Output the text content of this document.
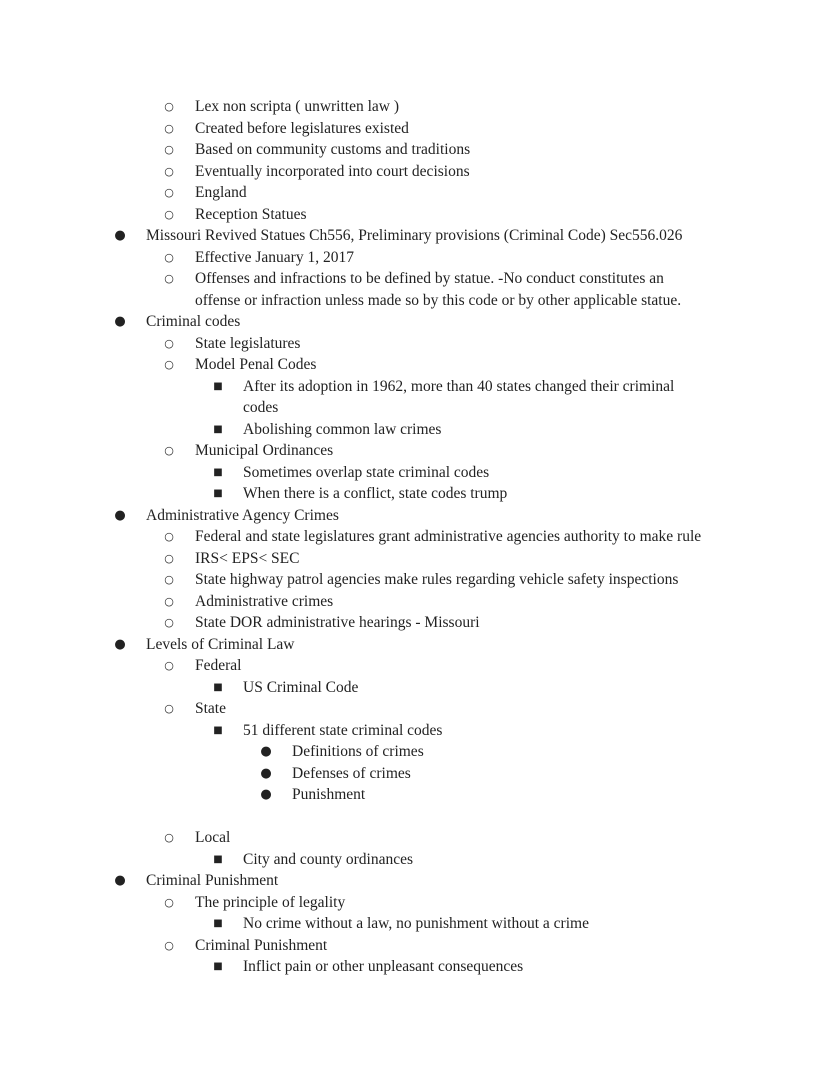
○ Lex non scripta ( unwritten law )
○ Created before legislatures existed
○ Based on community customs and traditions
○ Eventually incorporated into court decisions
○ England
○ Reception Statues
● Missouri Revived Statues Ch556, Preliminary provisions (Criminal Code) Sec556.026
○ Effective January 1, 2017
○ Offenses and infractions to be defined by statue. -No conduct constitutes an
offense or infraction unless made so by this code or by other applicable statue.
● Criminal codes
○ State legislatures
○ Model Penal Codes
■ After its adoption in 1962, more than 40 states changed their criminal
codes
■ Abolishing common law crimes
○ Municipal Ordinances
■ Sometimes overlap state criminal codes
■ When there is a conflict, state codes trump
● Administrative Agency Crimes
○ Federal and state legislatures grant administrative agencies authority to make rule
○ IRS< EPS< SEC
○ State highway patrol agencies make rules regarding vehicle safety inspections
○ Administrative crimes
○ State DOR administrative hearings - Missouri
● Levels of Criminal Law
○ Federal
■ US Criminal Code
○ State
■ 51 different state criminal codes
● Definitions of crimes
● Defenses of crimes
● Punishment
○ Local
■ City and county ordinances
● Criminal Punishment
○ The principle of legality
■ No crime without a law, no punishment without a crime
○ Criminal Punishment
■ Inflict pain or other unpleasant consequences
